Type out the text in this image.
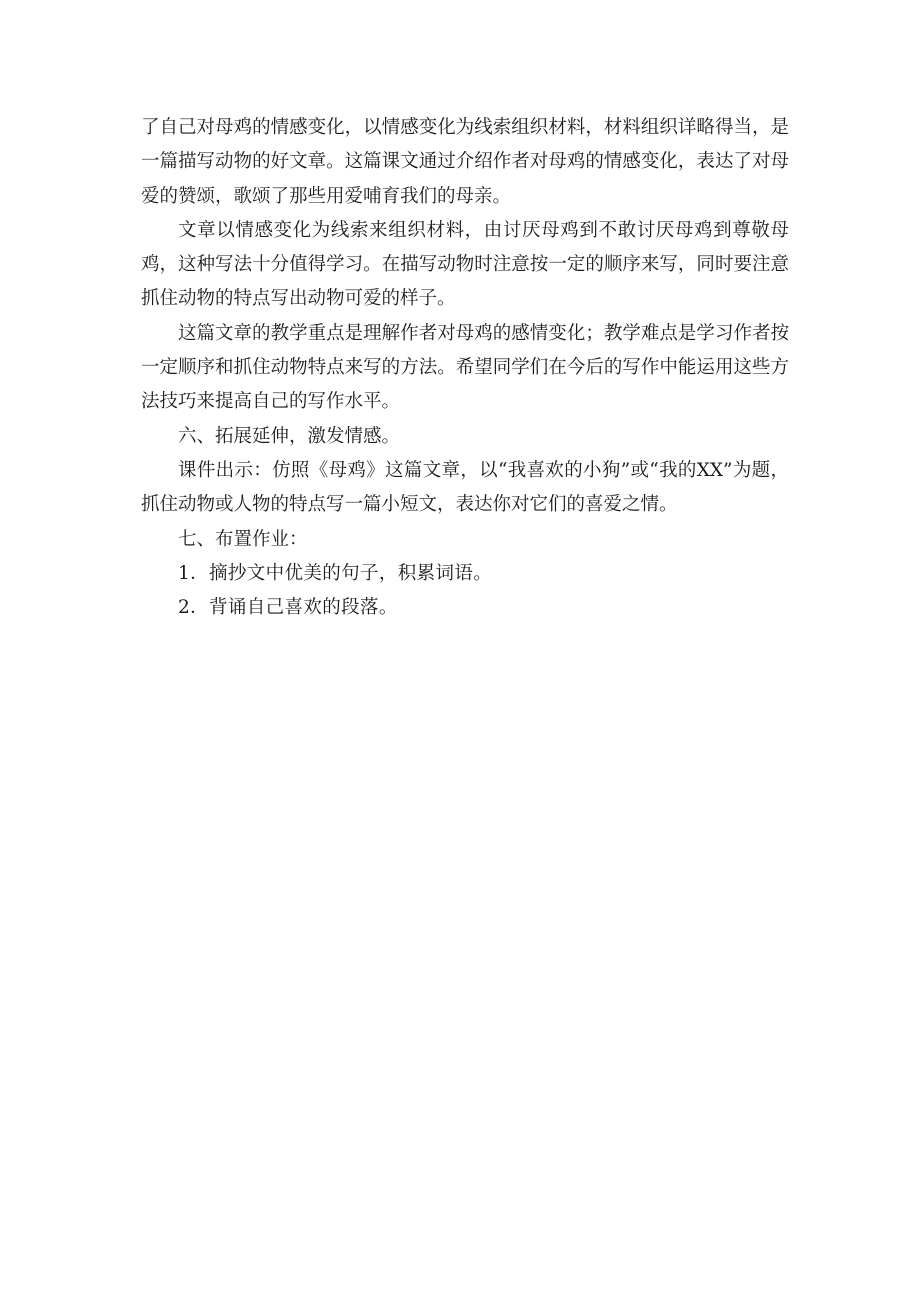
了自己对母鸡的情感变化，以情感变化为线索组织材料，材料组织详略得当，是一篇描写动物的好文章。这篇课文通过介绍作者对母鸡的情感变化，表达了对母爱的赞颂，歌颂了那些用爱哺育我们的母亲。

文章以情感变化为线索来组织材料，由讨厌母鸡到不敢讨厌母鸡到尊敬母鸡，这种写法十分值得学习。在描写动物时注意按一定的顺序来写，同时要注意抓住动物的特点写出动物可爱的样子。

这篇文章的教学重点是理解作者对母鸡的感情变化；教学难点是学习作者按一定顺序和抓住动物特点来写的方法。希望同学们在今后的写作中能运用这些方法技巧来提高自己的写作水平。

六、拓展延伸，激发情感。

课件出示：仿照《母鸡》这篇文章，以“我喜欢的小狗”或“我的XX”为题，抓住动物或人物的特点写一篇小短文，表达你对它们的喜爱之情。

七、布置作业：

1．摘抄文中优美的句子，积累词语。

2．背诵自己喜欢的段落。
